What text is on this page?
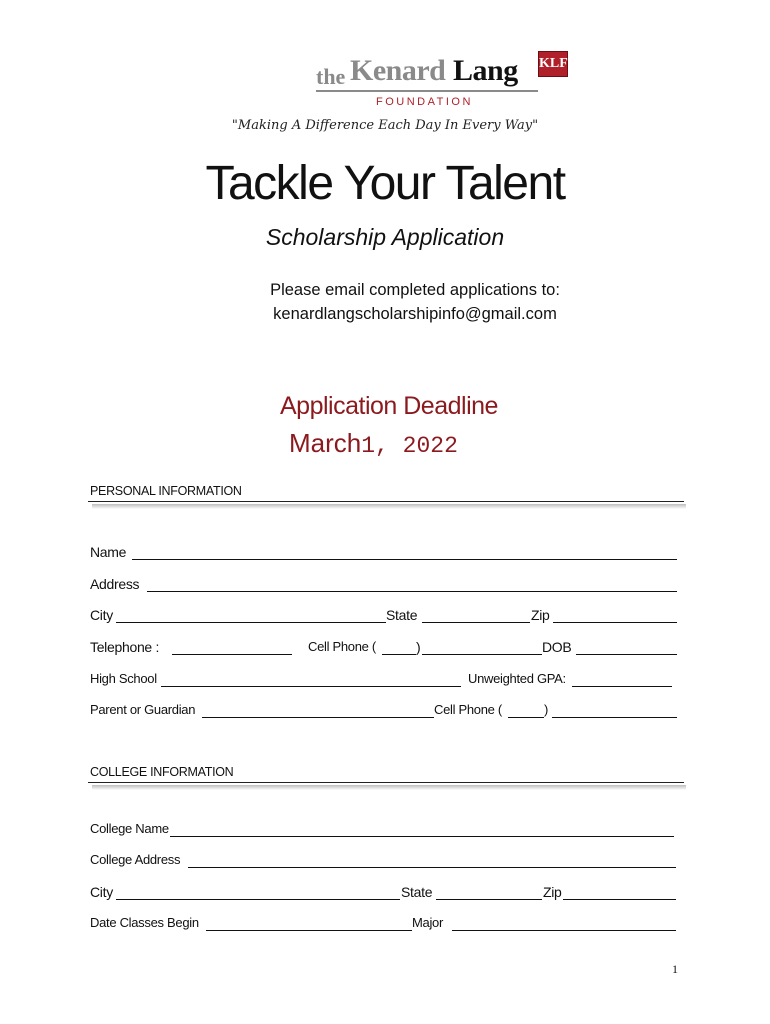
the Kenard Lang KLF
FOUNDATION
"Making A Difference Each Day In Every Way"
Tackle Your Talent
Scholarship Application
Please email completed applications to:
kenardlangscholarshipinfo@gmail.com
Application Deadline
March1, 2022
PERSONAL INFORMATION
Name
Address
City	State	Zip
Telephone :	Cell Phone (	)	DOB
High School	Unweighted GPA:
Parent or Guardian	Cell Phone (	)
COLLEGE INFORMATION
College Name
College Address
City	State	Zip
Date Classes Begin	Major
1
